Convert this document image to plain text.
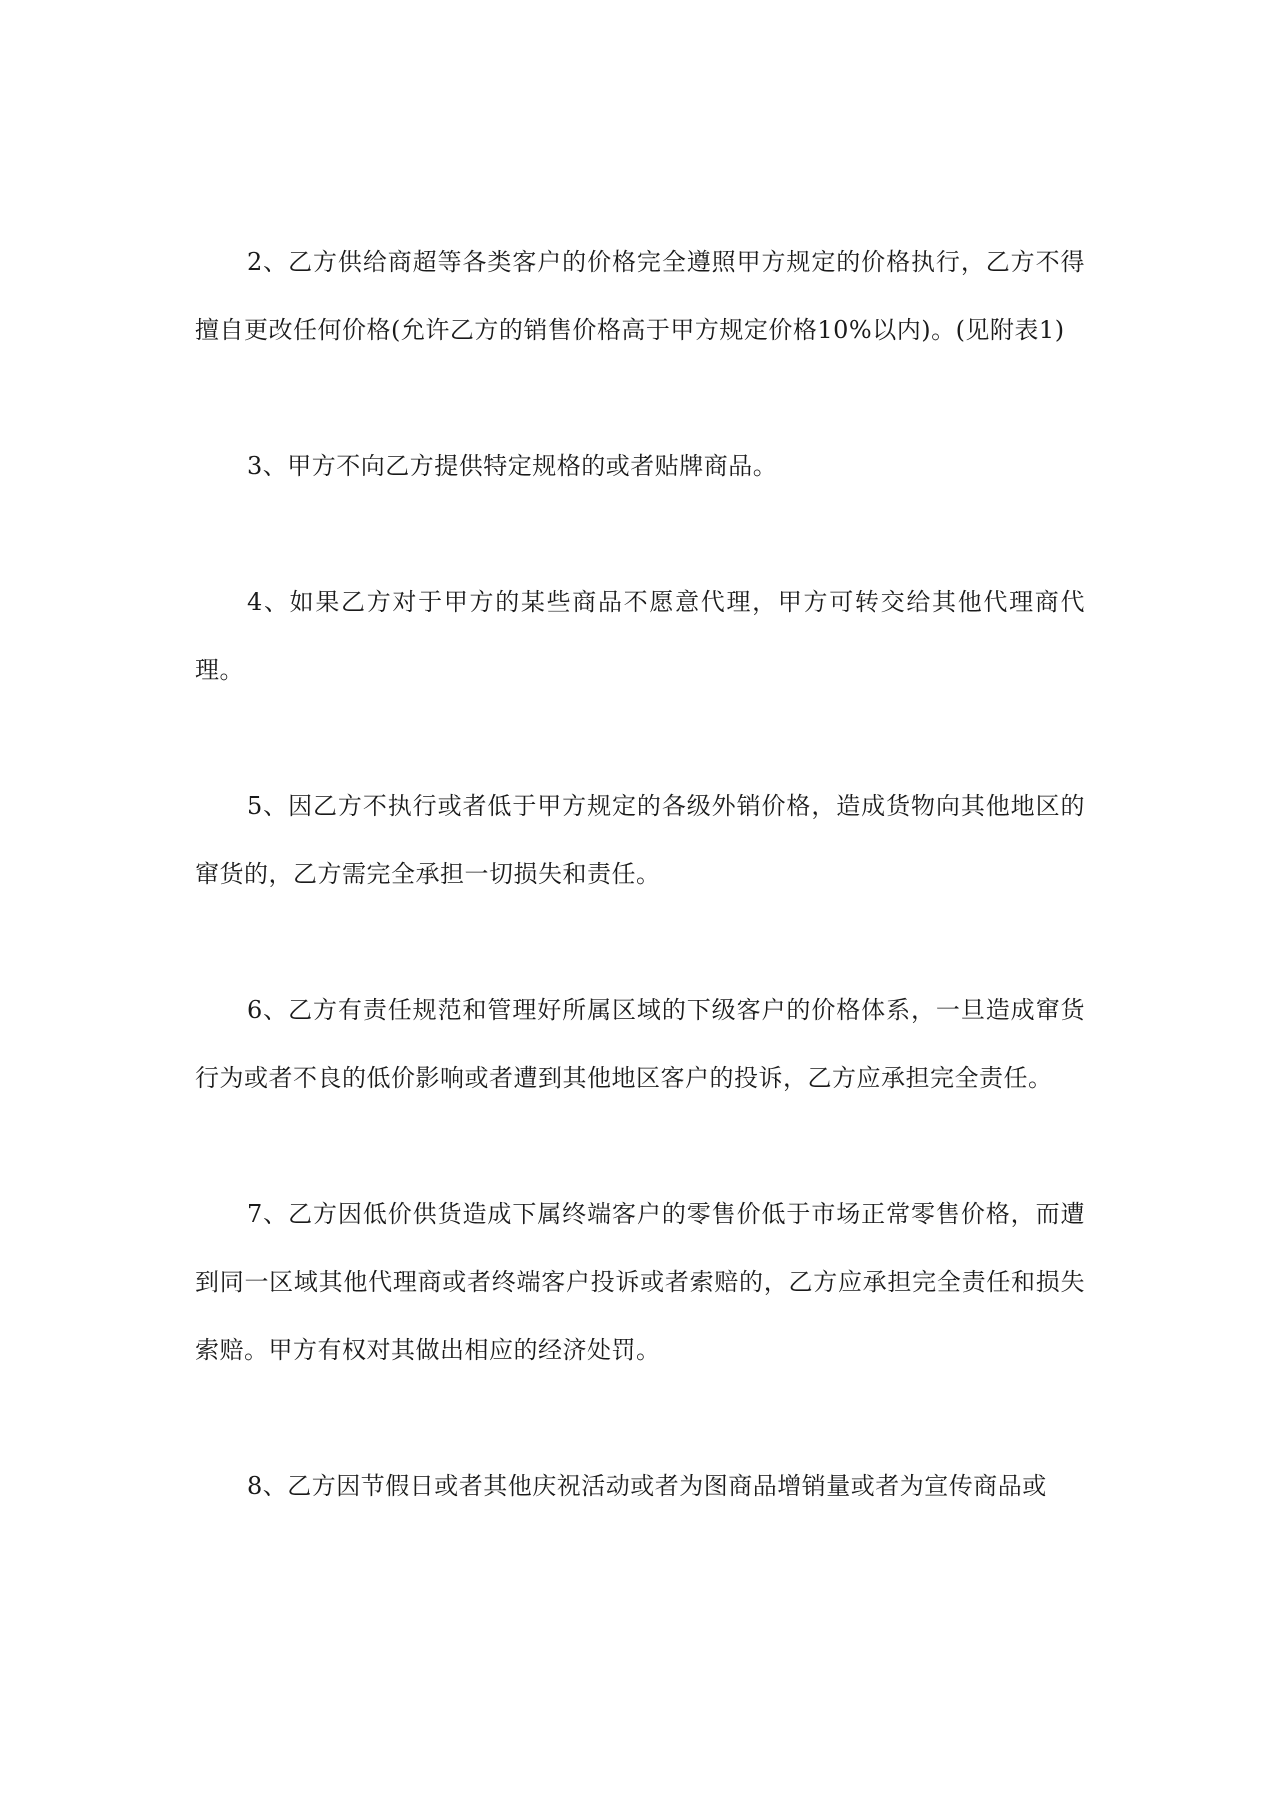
2、乙方供给商超等各类客户的价格完全遵照甲方规定的价格执行，乙方不得擅自更改任何价格(允许乙方的销售价格高于甲方规定价格10%以内)。(见附表1)

3、甲方不向乙方提供特定规格的或者贴牌商品。

4、如果乙方对于甲方的某些商品不愿意代理，甲方可转交给其他代理商代理。

5、因乙方不执行或者低于甲方规定的各级外销价格，造成货物向其他地区的窜货的，乙方需完全承担一切损失和责任。

6、乙方有责任规范和管理好所属区域的下级客户的价格体系，一旦造成窜货行为或者不良的低价影响或者遭到其他地区客户的投诉，乙方应承担完全责任。

7、乙方因低价供货造成下属终端客户的零售价低于市场正常零售价格，而遭到同一区域其他代理商或者终端客户投诉或者索赔的，乙方应承担完全责任和损失索赔。甲方有权对其做出相应的经济处罚。

8、乙方因节假日或者其他庆祝活动或者为图商品增销量或者为宣传商品或
